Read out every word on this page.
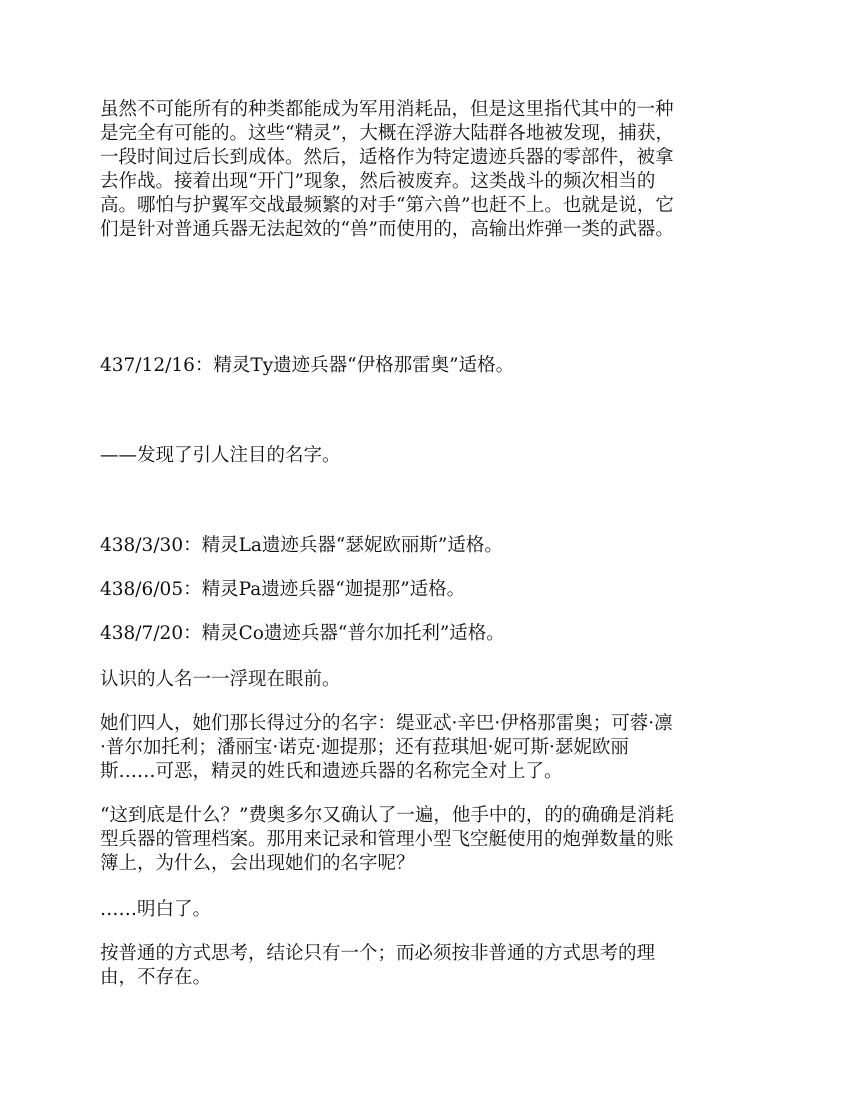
虽然不可能所有的种类都能成为军用消耗品，但是这里指代其中的一种
是完全有可能的。这些“精灵”，大概在浮游大陆群各地被发现，捕获，
一段时间过后长到成体。然后，适格作为特定遗迹兵器的零部件，被拿
去作战。接着出现“开门”现象，然后被废弃。这类战斗的频次相当的
高。哪怕与护翼军交战最频繁的对手“第六兽”也赶不上。也就是说，它
们是针对普通兵器无法起效的“兽”而使用的，高输出炸弹一类的武器。

437/12/16：精灵Ty遗迹兵器“伊格那雷奥”适格。

——发现了引人注目的名字。

438/3/30：精灵La遗迹兵器“瑟妮欧丽斯”适格。

438/6/05：精灵Pa遗迹兵器“迦提那”适格。

438/7/20：精灵Co遗迹兵器“普尔加托利”适格。

认识的人名一一浮现在眼前。

她们四人，她们那长得过分的名字：缇亚忒·辛巴·伊格那雷奥；可蓉·凛
·普尔加托利；潘丽宝·诺克·迦提那；还有菈琪旭·妮可斯·瑟妮欧丽
斯……可恶，精灵的姓氏和遗迹兵器的名称完全对上了。

“这到底是什么？”费奥多尔又确认了一遍，他手中的，的的确确是消耗
型兵器的管理档案。那用来记录和管理小型飞空艇使用的炮弹数量的账
簿上，为什么，会出现她们的名字呢？

……明白了。

按普通的方式思考，结论只有一个；而必须按非普通的方式思考的理
由，不存在。
